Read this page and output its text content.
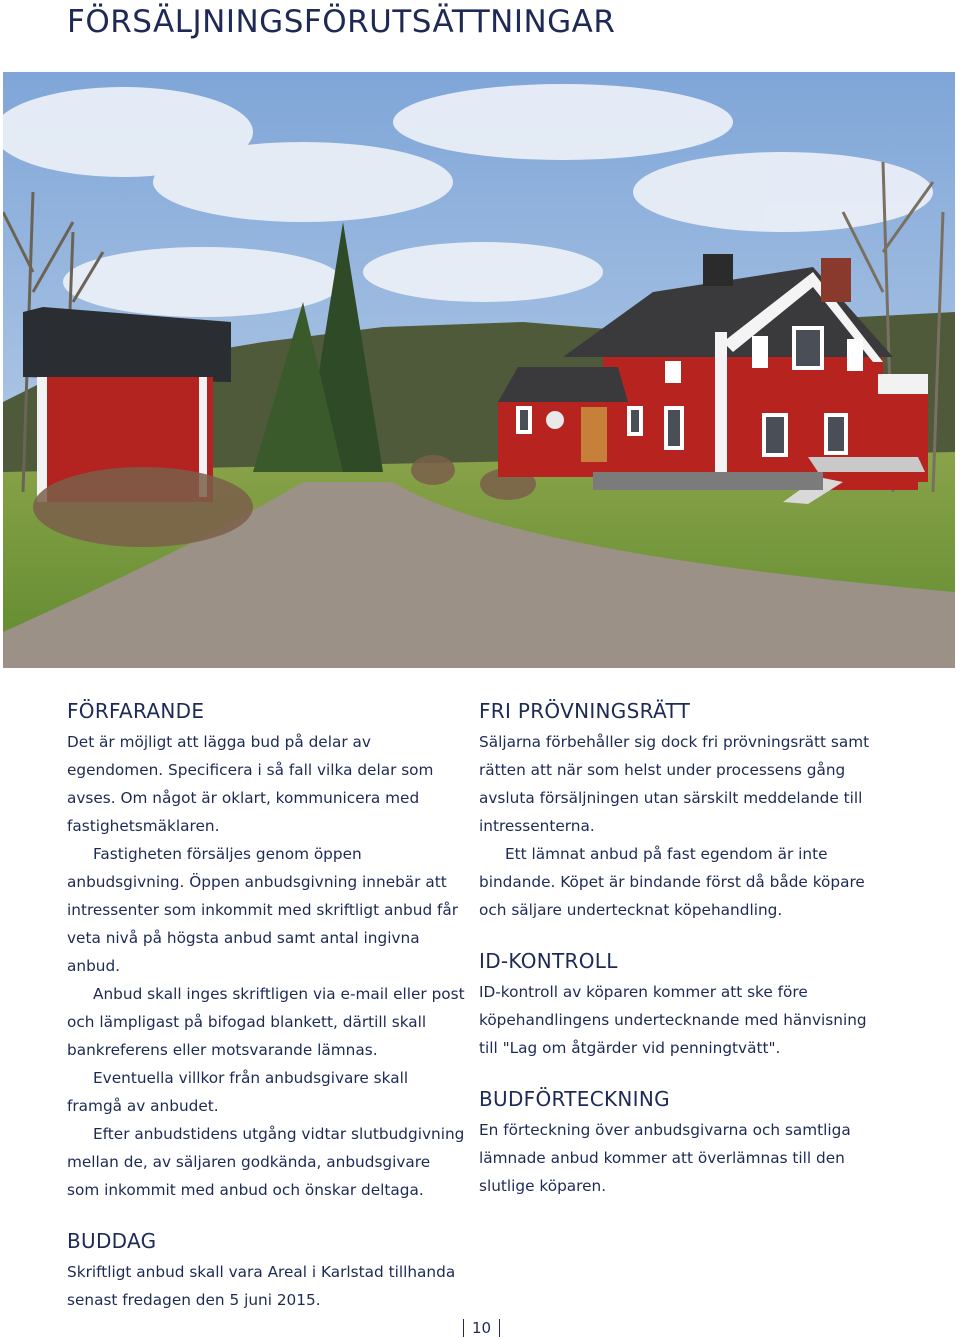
FÖRSÄLJNINGSFÖRUTSÄTTNINGAR
FÖRFARANDE

Det är möjligt att lägga bud på delar av egendomen. Specificera i så fall vilka delar som avses. Om något är oklart, kommunicera med fastighetsmäklaren.

Fastigheten försäljes genom öppen anbudsgivning. Öppen anbudsgivning innebär att intressenter som inkommit med skriftligt anbud får veta nivå på högsta anbud samt antal ingivna anbud.

Anbud skall inges skriftligen via e-mail eller post och lämpligast på bifogad blankett, därtill skall bankreferens eller motsvarande lämnas.

Eventuella villkor från anbudsgivare skall framgå av anbudet.

Efter anbudstidens utgång vidtar slutbudgivning mellan de, av säljaren godkända, anbudsgivare som inkommit med anbud och önskar deltaga.

BUDDAG

Skriftligt anbud skall vara Areal i Karlstad tillhanda senast fredagen den 5 juni 2015.

FRI PRÖVNINGSRÄTT

Säljarna förbehåller sig dock fri prövningsrätt samt rätten att när som helst under processens gång avsluta försäljningen utan särskilt meddelande till intressenterna.

Ett lämnat anbud på fast egendom är inte bindande. Köpet är bindande först då både köpare och säljare undertecknat köpehandling.

ID-KONTROLL

ID-kontroll av köparen kommer att ske före köpehandlingens undertecknande med hänvisning till "Lag om åtgärder vid penningtvätt".

BUDFÖRTECKNING

En förteckning över anbudsgivarna och samtliga lämnade anbud kommer att överlämnas till den slutlige köparen.

10
